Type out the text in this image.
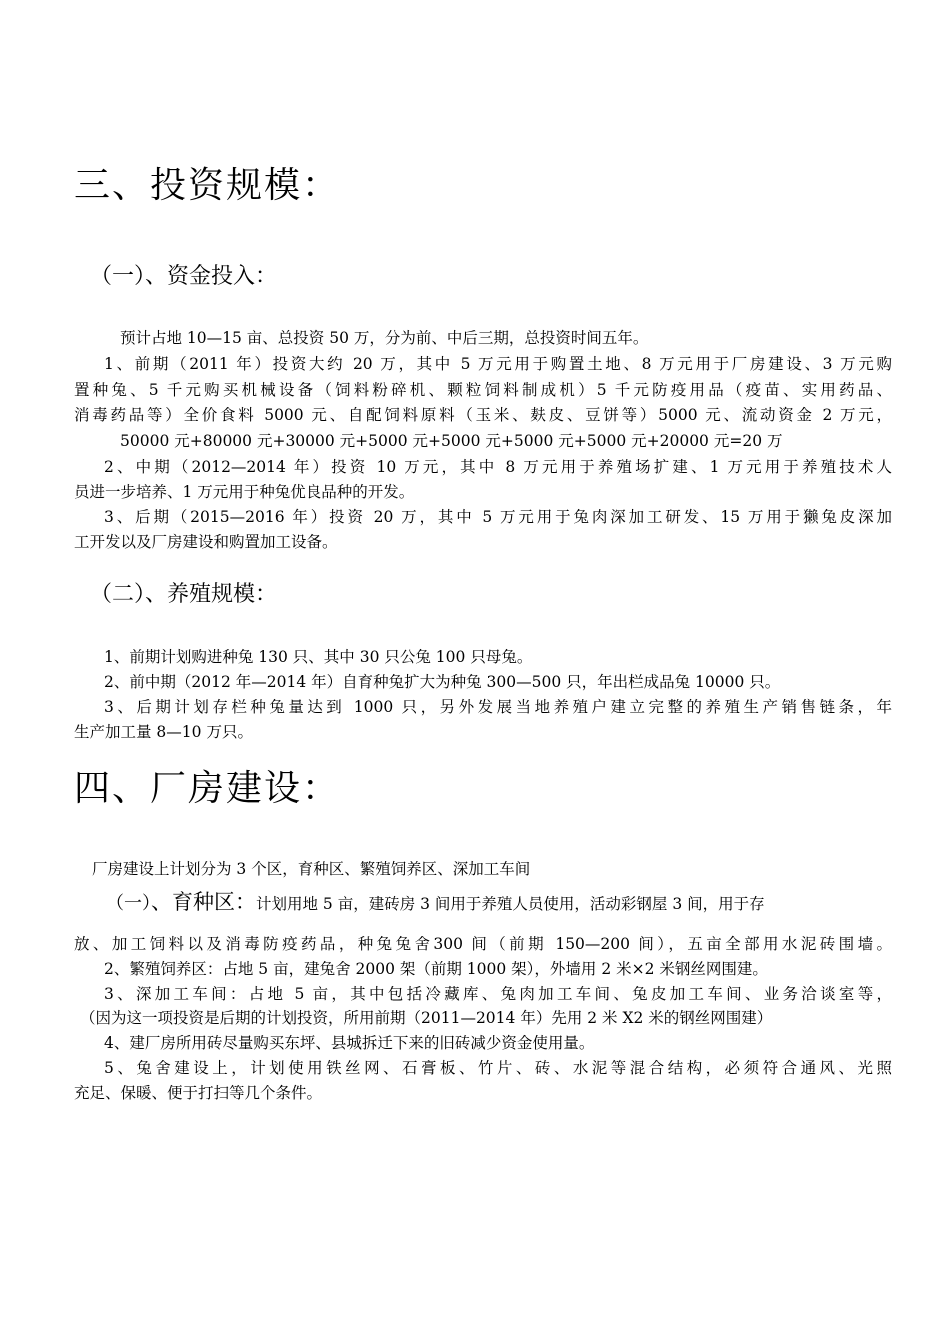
三、投资规模：
（一）、资金投入：
预计占地 10—15 亩、总投资 50 万，分为前、中后三期，总投资时间五年。
1、前期（2011 年）投资大约 20 万，其中 5 万元用于购置土地、8 万元用于厂房建设、3 万元购
置种兔、5 千元购买机械设备（饲料粉碎机、颗粒饲料制成机）5 千元防疫用品（疫苗、实用药品、
消毒药品等）全价食料 5000 元、自配饲料原料（玉米、麸皮、豆饼等）5000 元、流动资金 2 万元，
50000 元+80000 元+30000 元+5000 元+5000 元+5000 元+5000 元+20000 元=20 万
2、中期（2012—2014 年）投资 10 万元，其中 8 万元用于养殖场扩建、1 万元用于养殖技术人
员进一步培养、1 万元用于种兔优良品种的开发。
3、后期（2015—2016 年）投资 20 万，其中 5 万元用于兔肉深加工研发、15 万用于獭兔皮深加
工开发以及厂房建设和购置加工设备。
（二）、养殖规模：
1、前期计划购进种兔 130 只、其中 30 只公兔 100 只母兔。
2、前中期（2012 年—2014 年）自育种兔扩大为种兔 300—500 只，年出栏成品兔 10000 只。
3、后期计划存栏种兔量达到 1000 只，另外发展当地养殖户建立完整的养殖生产销售链条，年
生产加工量 8—10 万只。
四、厂房建设：
厂房建设上计划分为 3 个区，育种区、繁殖饲养区、深加工车间
（一）、育种区：计划用地 5 亩，建砖房 3 间用于养殖人员使用，活动彩钢屋 3 间，用于存
放、加工饲料以及消毒防疫药品，种兔兔舍300 间（前期 150—200 间），五亩全部用水泥砖围墙。
2、繁殖饲养区：占地 5 亩，建兔舍 2000 架（前期 1000 架），外墙用 2 米×2 米钢丝网围建。
3、深加工车间：占地 5 亩，其中包括冷藏库、兔肉加工车间、兔皮加工车间、业务洽谈室等，
（因为这一项投资是后期的计划投资，所用前期（2011—2014 年）先用 2 米 X2 米的钢丝网围建）
4、建厂房所用砖尽量购买东坪、县城拆迁下来的旧砖减少资金使用量。
5、兔舍建设上，计划使用铁丝网、石膏板、竹片、砖、水泥等混合结构，必须符合通风、光照
充足、保暖、便于打扫等几个条件。
